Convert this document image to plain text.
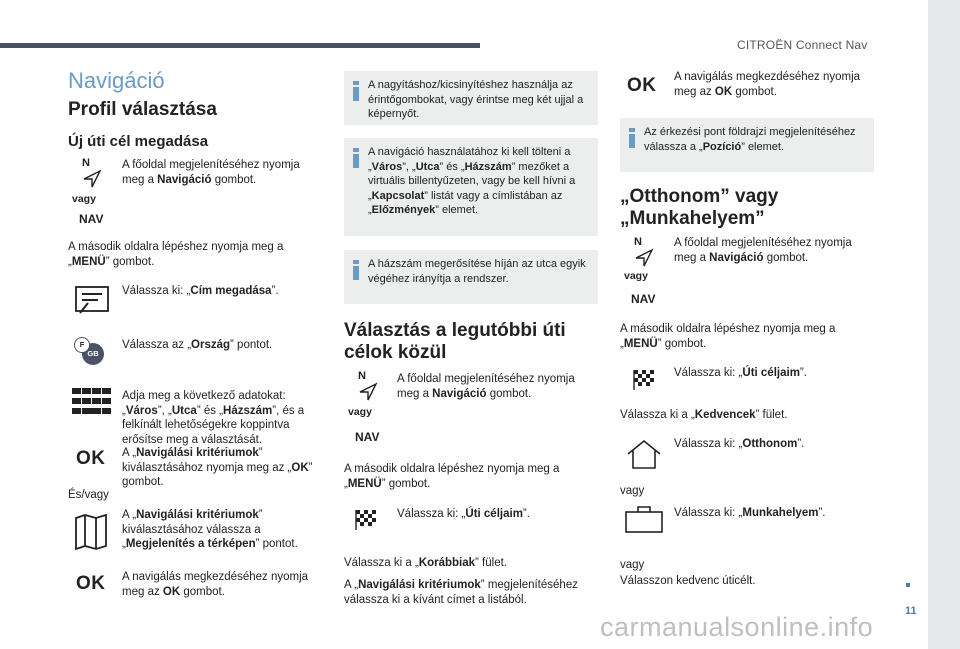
CITROËN Connect Nav
11
carmanualsonline.info
Navigáció
Profil választása
Új úti cél megadása
N
vagy
NAV
A főoldal megjelenítéséhez nyomja meg a Navigáció gombot.
A második oldalra lépéshez nyomja meg a „MENÜ” gombot.
Válassza ki: „Cím megadása”.
GB
F	Válassza az „Ország” pontot.
Adja meg a következő adatokat: „Város”, „Utca” és „Házszám”, és a felkínált lehetőségekre koppintva erősítse meg a választását.
OK A „Navigálási kritériumok” kiválasztásához nyomja meg az „OK” gombot.
És/vagy
A „Navigálási kritériumok” kiválasztásához válassza a „Megjelenítés a térképen” pontot.
OK A navigálás megkezdéséhez nyomja meg az OK gombot.
A nagyításhoz/kicsinyítéshez használja az érintőgombokat, vagy érintse meg két ujjal a képernyőt.
A navigáció használatához ki kell tölteni a „Város”, „Utca” és „Házszám” mezőket a virtuális billentyűzeten, vagy be kell hívni a „Kapcsolat” listát vagy a címlistában az „Előzmények” elemet.
A házszám megerősítése híján az utca egyik végéhez irányítja a rendszer.
Választás a legutóbbi úti célok közül
N
vagy
NAV
A főoldal megjelenítéséhez nyomja meg a Navigáció gombot.
A második oldalra lépéshez nyomja meg a „MENÜ” gombot.
Válassza ki: „Úti céljaim”.
Válassza ki a „Korábbiak” fület.
A „Navigálási kritériumok” megjelenítéséhez válassza ki a kívánt címet a listából.
OK A navigálás megkezdéséhez nyomja meg az OK gombot.
Az érkezési pont földrajzi megjelenítéséhez válassza a „Pozíció” elemet.
„Otthonom” vagy „Munkahelyem”
N
vagy
NAV
A főoldal megjelenítéséhez nyomja meg a Navigáció gombot.
A második oldalra lépéshez nyomja meg a „MENÜ” gombot.
Válassza ki: „Úti céljaim”.
Válassza ki a „Kedvencek” fület.
Válassza ki: „Otthonom”.
vagy
Válassza ki: „Munkahelyem”.
vagy
Válasszon kedvenc úticélt.
